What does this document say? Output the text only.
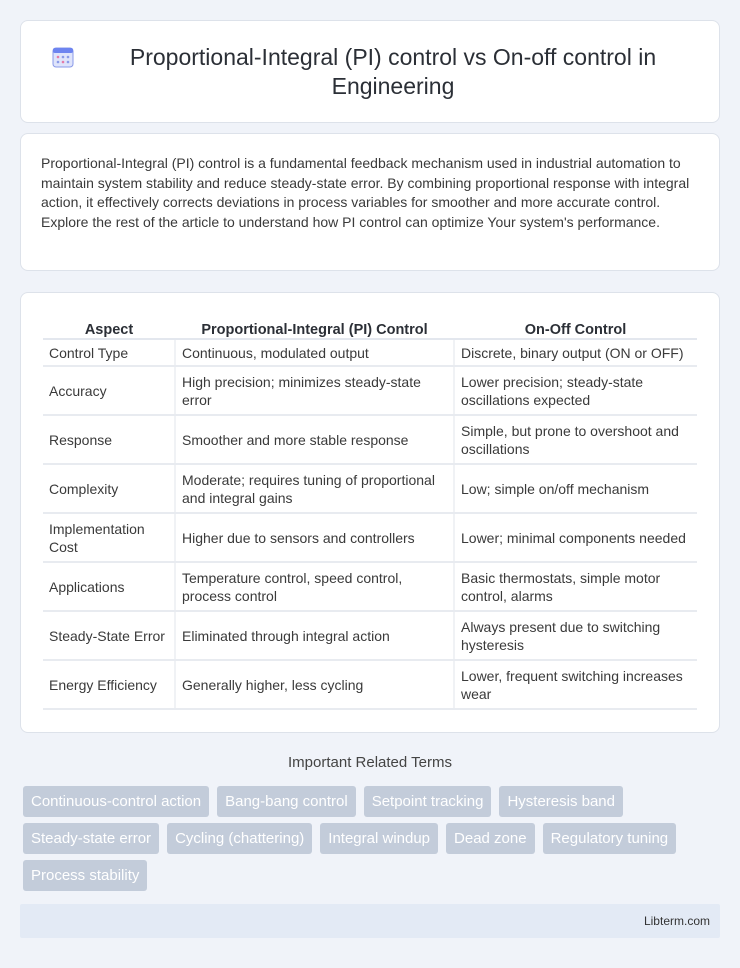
Proportional-Integral (PI) control vs On-off control in Engineering

Proportional-Integral (PI) control is a fundamental feedback mechanism used in industrial automation to maintain system stability and reduce steady-state error. By combining proportional response with integral action, it effectively corrects deviations in process variables for smoother and more accurate control. Explore the rest of the article to understand how PI control can optimize Your system's performance.

Aspect	Proportional-Integral (PI) Control	On-Off Control
Control Type	Continuous, modulated output	Discrete, binary output (ON or OFF)
Accuracy	High precision; minimizes steady-state error	Lower precision; steady-state oscillations expected
Response	Smoother and more stable response	Simple, but prone to overshoot and oscillations
Complexity	Moderate; requires tuning of proportional and integral gains	Low; simple on/off mechanism
Implementation Cost	Higher due to sensors and controllers	Lower; minimal components needed
Applications	Temperature control, speed control, process control	Basic thermostats, simple motor control, alarms
Steady-State Error	Eliminated through integral action	Always present due to switching hysteresis
Energy Efficiency	Generally higher, less cycling	Lower, frequent switching increases wear
Important Related Terms
Continuous-control action	Bang-bang control	Setpoint tracking	Hysteresis band
Steady-state error	Cycling (chattering)	Integral windup	Dead zone	Regulatory tuning
Process stability
Libterm.com
